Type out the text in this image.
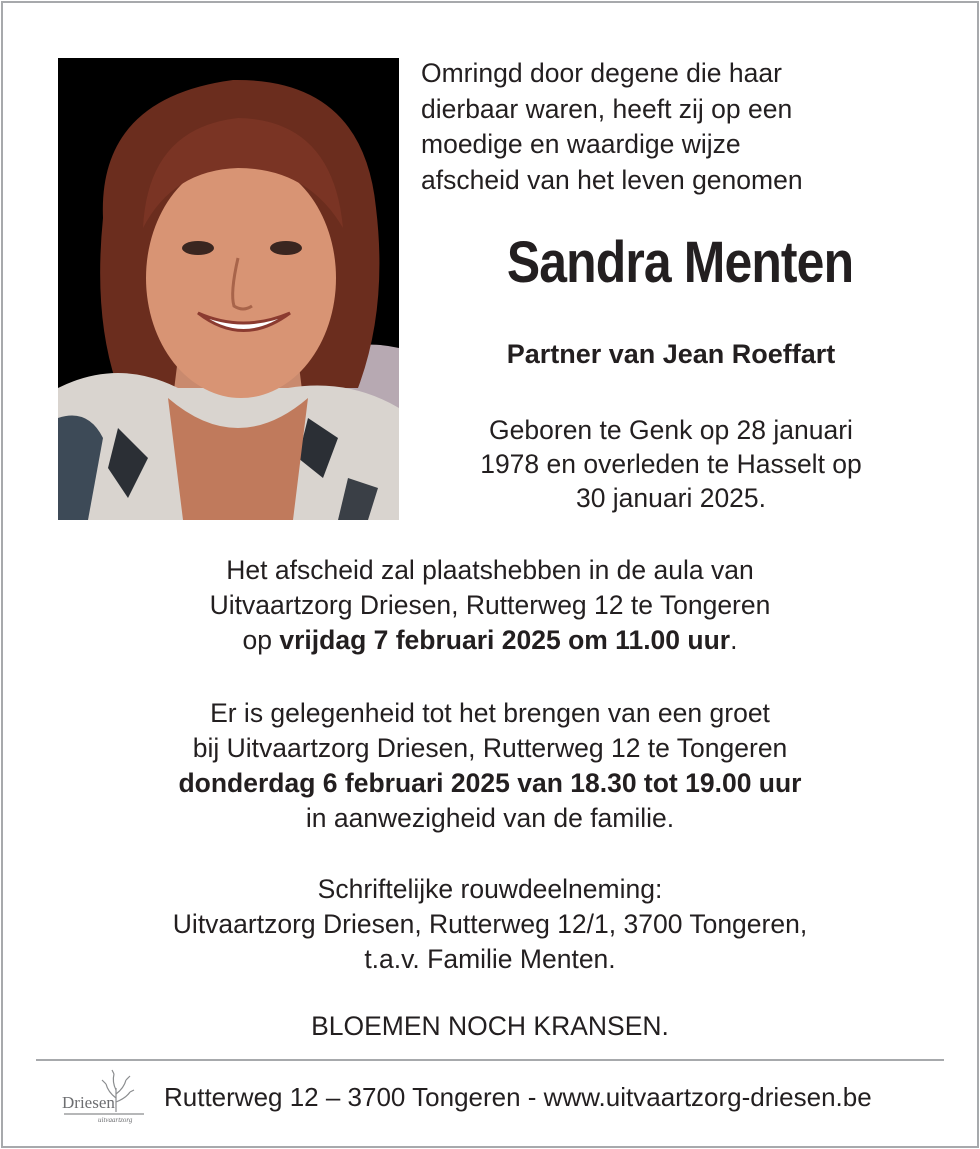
Omringd door degene die haar
dierbaar waren, heeft zij op een
moedige en waardige wijze
afscheid van het leven genomen
Sandra Menten
Partner van Jean Roeffart
Geboren te Genk op 28 januari
1978 en overleden te Hasselt op
30 januari 2025.
Het afscheid zal plaatshebben in de aula van
Uitvaartzorg Driesen, Rutterweg 12 te Tongeren
op vrijdag 7 februari 2025 om 11.00 uur.
Er is gelegenheid tot het brengen van een groet
bij Uitvaartzorg Driesen, Rutterweg 12 te Tongeren
donderdag 6 februari 2025 van 18.30 tot 19.00 uur
in aanwezigheid van de familie.
Schriftelijke rouwdeelneming:
Uitvaartzorg Driesen, Rutterweg 12/1, 3700 Tongeren,
t.a.v. Familie Menten.
BLOEMEN NOCH KRANSEN.
Driesen
uitvaartzorg
Rutterweg 12 – 3700 Tongeren - www.uitvaartzorg-driesen.be
